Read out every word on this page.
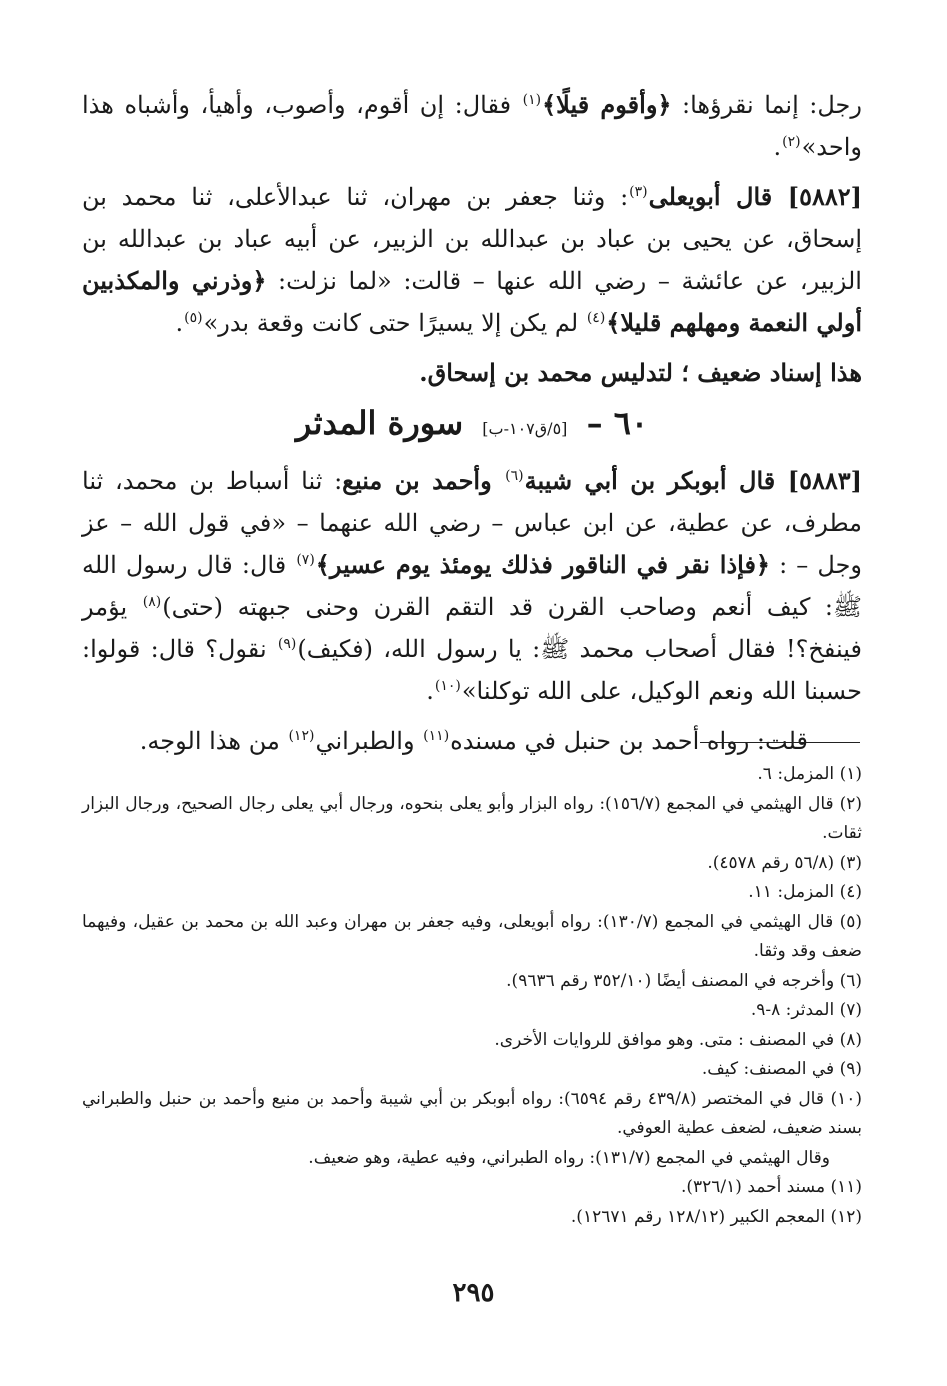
رجل: إنما نقرؤها: ﴿وأقوم قيلًا﴾$^{(١)}$ فقال: إن أقوم، وأصوب، وأهيأ، وأشباه هذا واحد»$^{(٢)}$.

[٥٨٨٢] قال أبويعلى$^{(٣)}$: وثنا جعفر بن مهران، ثنا عبدالأعلى، ثنا محمد بن إسحاق، عن يحيى بن عباد بن عبدالله بن الزبير، عن أبيه عباد بن عبدالله بن الزبير، عن عائشة – رضي الله عنها – قالت: «لما نزلت: ﴿وذرني والمكذبين أولي النعمة ومهلهم قليلا﴾$^{(٤)}$ لم يكن إلا يسيرًا حتى كانت وقعة بدر»$^{(٥)}$.

هذا إسناد ضعيف ؛ لتدليس محمد بن إسحاق.

٦٠ – [٥/ق١٠٧-ب] سورة المدثر

[٥٨٨٣] قال أبوبكر بن أبي شيبة$^{(٦)}$ وأحمد بن منيع: ثنا أسباط بن محمد، ثنا مطرف، عن عطية، عن ابن عباس – رضي الله عنهما – «في قول الله – عز وجل – : ﴿فإذا نقر في الناقور فذلك يومئذ يوم عسير﴾$^{(٧)}$ قال: قال رسول الله ﷺ: كيف أنعم وصاحب القرن قد التقم القرن وحنى جبهته (حتى)$^{(٨)}$ يؤمر فينفخ؟! فقال أصحاب محمد ﷺ: يا رسول الله، (فكيف)$^{(٩)}$ نقول؟ قال: قولوا: حسبنا الله ونعم الوكيل، على الله توكلنا»$^{(١٠)}$.

قلت: رواه أحمد بن حنبل في مسنده$^{(١١)}$ والطبراني$^{(١٢)}$ من هذا الوجه.

(١) المزمل: ٦.

(٢) قال الهيثمي في المجمع (١٥٦/٧): رواه البزار وأبو يعلى بنحوه، ورجال أبي يعلى رجال الصحيح، ورجال البزار ثقات.

(٣) (٥٦/٨ رقم ٤٥٧٨).

(٤) المزمل: ١١.

(٥) قال الهيثمي في المجمع (١٣٠/٧): رواه أبويعلى، وفيه جعفر بن مهران وعبد الله بن محمد بن عقيل، وفيهما ضعف وقد وثقا.

(٦) وأخرجه في المصنف أيضًا (٣٥٢/١٠ رقم ٩٦٣٦).

(٧) المدثر: ٨-٩.

(٨) في المصنف : متى. وهو موافق للروايات الأخرى.

(٩) في المصنف: كيف.

(١٠) قال في المختصر (٤٣٩/٨ رقم ٦٥٩٤): رواه أبوبكر بن أبي شيبة وأحمد بن منيع وأحمد بن حنبل والطبراني بسند ضعيف، لضعف عطية العوفي.

وقال الهيثمي في المجمع (١٣١/٧): رواه الطبراني، وفيه عطية، وهو ضعيف.

(١١) مسند أحمد (٣٢٦/١).

(١٢) المعجم الكبير (١٢٨/١٢ رقم ١٢٦٧١).

٢٩٥
